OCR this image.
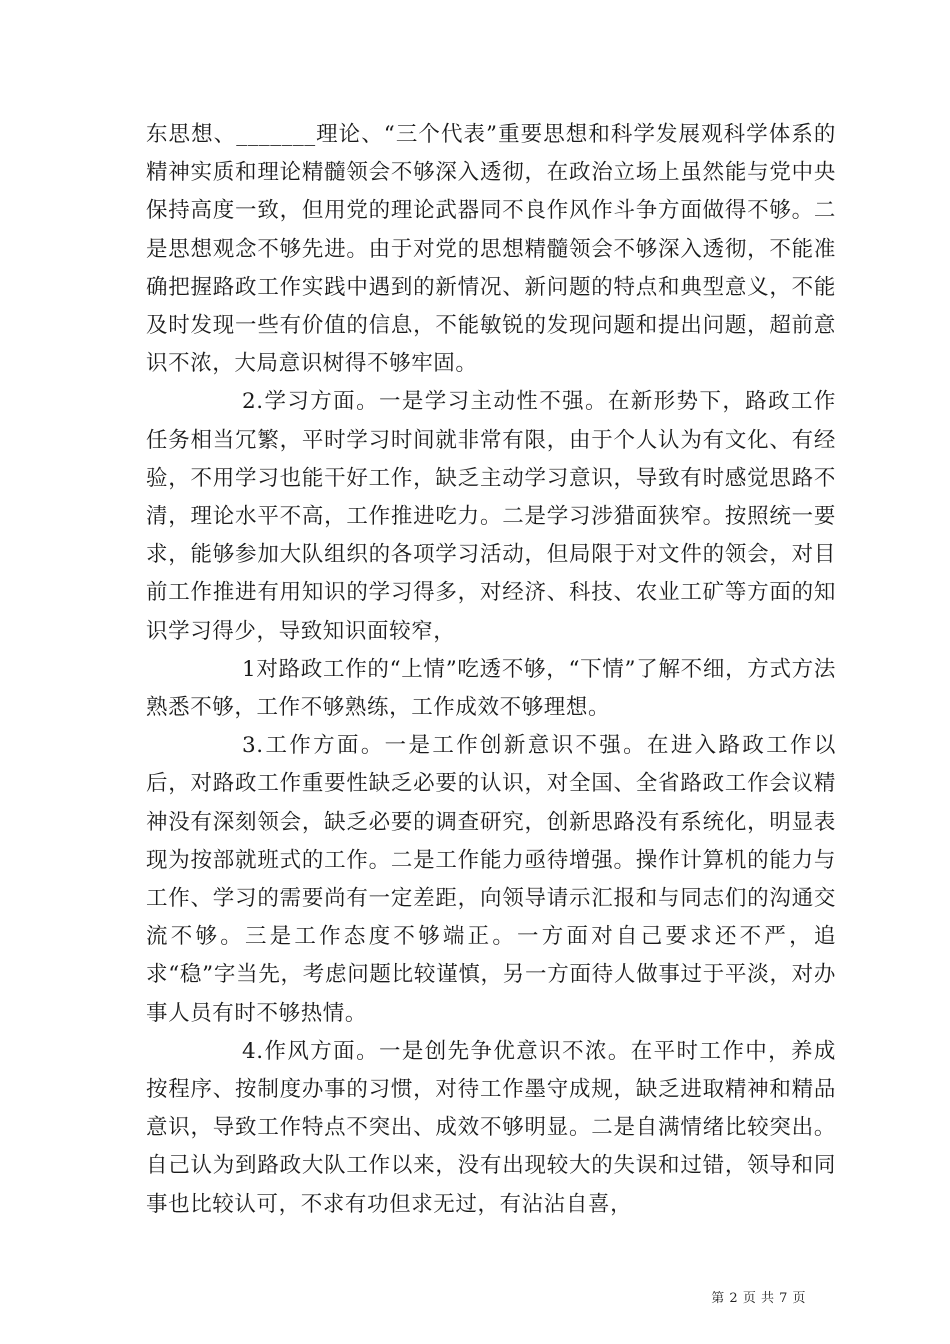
东思想、_______理论、“三个代表”重要思想和科学发展观科学体系的精神实质和理论精髓领会不够深入透彻，在政治立场上虽然能与党中央保持高度一致，但用党的理论武器同不良作风作斗争方面做得不够。二是思想观念不够先进。由于对党的思想精髓领会不够深入透彻，不能准确把握路政工作实践中遇到的新情况、新问题的特点和典型意义，不能及时发现一些有价值的信息，不能敏锐的发现问题和提出问题，超前意识不浓，大局意识树得不够牢固。

2.学习方面。一是学习主动性不强。在新形势下，路政工作任务相当冗繁，平时学习时间就非常有限，由于个人认为有文化、有经验，不用学习也能干好工作，缺乏主动学习意识，导致有时感觉思路不清，理论水平不高，工作推进吃力。二是学习涉猎面狭窄。按照统一要求，能够参加大队组织的各项学习活动，但局限于对文件的领会，对目前工作推进有用知识的学习得多，对经济、科技、农业工矿等方面的知识学习得少，导致知识面较窄，

1对路政工作的“上情”吃透不够，“下情”了解不细，方式方法熟悉不够，工作不够熟练，工作成效不够理想。

3.工作方面。一是工作创新意识不强。在进入路政工作以后，对路政工作重要性缺乏必要的认识，对全国、全省路政工作会议精神没有深刻领会，缺乏必要的调查研究，创新思路没有系统化，明显表现为按部就班式的工作。二是工作能力亟待增强。操作计算机的能力与工作、学习的需要尚有一定差距，向领导请示汇报和与同志们的沟通交流不够。三是工作态度不够端正。一方面对自己要求还不严，追求“稳”字当先，考虑问题比较谨慎，另一方面待人做事过于平淡，对办事人员有时不够热情。

4.作风方面。一是创先争优意识不浓。在平时工作中，养成按程序、按制度办事的习惯，对待工作墨守成规，缺乏进取精神和精品意识，导致工作特点不突出、成效不够明显。二是自满情绪比较突出。自己认为到路政大队工作以来，没有出现较大的失误和过错，领导和同事也比较认可，不求有功但求无过，有沾沾自喜，

第 2 页 共 7 页
